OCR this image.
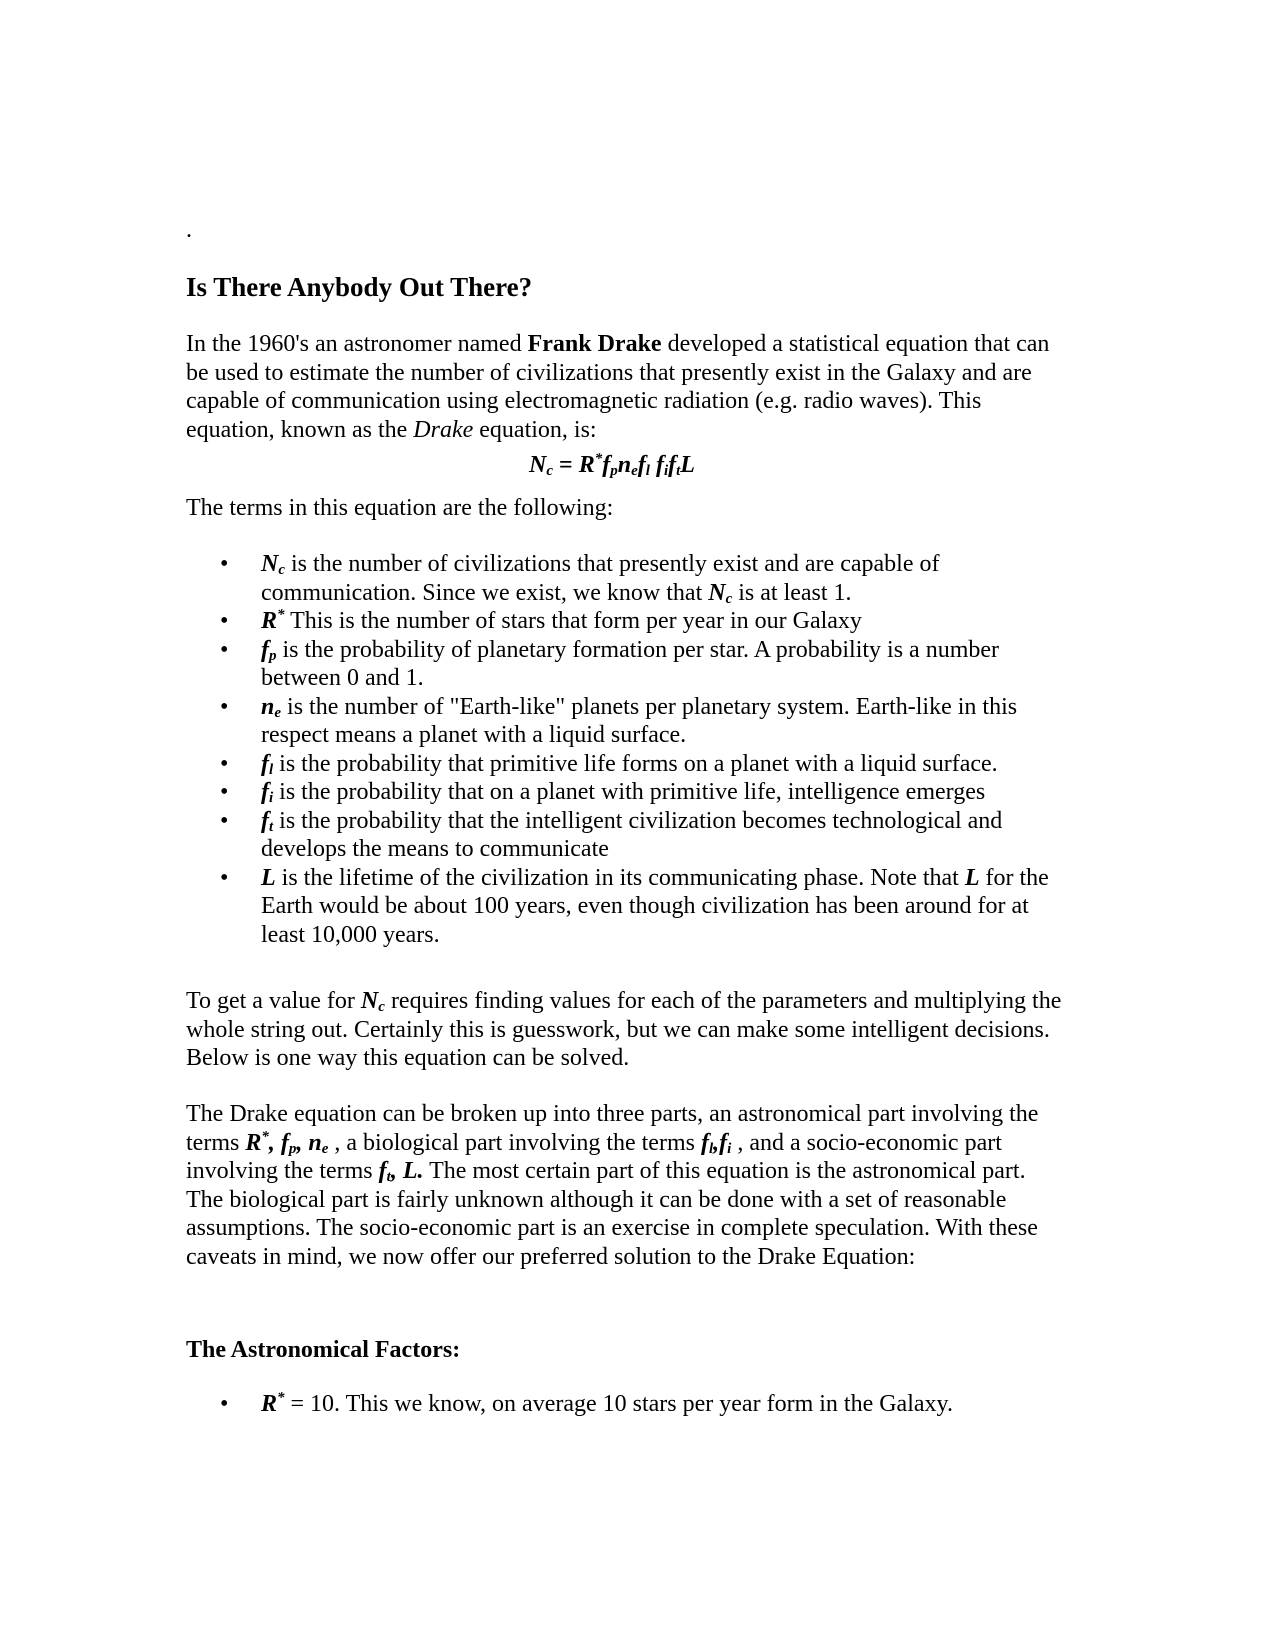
.
Is There Anybody Out There?

In the 1960's an astronomer named Frank Drake developed a statistical equation that can be used to estimate the number of civilizations that presently exist in the Galaxy and are capable of communication using electromagnetic radiation (e.g. radio waves). This equation, known as the Drake equation, is:

$N_c = R^*f_pn_ef_l$ $f_if_tL$

The terms in this equation are the following:

• $N_c$ is the number of civilizations that presently exist and are capable of communication. Since we exist, we know that $N_c$ is at least 1.
• R* This is the number of stars that form per year in our Galaxy
• $f_p$ is the probability of planetary formation per star. A probability is a number between 0 and 1.
• $n_e$ is the number of "Earth-like" planets per planetary system. Earth-like in this respect means a planet with a liquid surface.
• $f_l$ is the probability that primitive life forms on a planet with a liquid surface.
• $f_i$ is the probability that on a planet with primitive life, intelligence emerges
• $f_t$ is the probability that the intelligent civilization becomes technological and develops the means to communicate
• L is the lifetime of the civilization in its communicating phase. Note that L for the Earth would be about 100 years, even though civilization has been around for at least 10,000 years.

To get a value for $N_c$ requires finding values for each of the parameters and multiplying the whole string out. Certainly this is guesswork, but we can make some intelligent decisions. Below is one way this equation can be solved.

The Drake equation can be broken up into three parts, an astronomical part involving the terms R*, $f_p$, $n_e$ , a biological part involving the terms $f_l,f_i$ , and a socio-economic part involving the terms $f_t$, L. The most certain part of this equation is the astronomical part. The biological part is fairly unknown although it can be done with a set of reasonable assumptions. The socio-economic part is an exercise in complete speculation. With these caveats in mind, we now offer our preferred solution to the Drake Equation:

The Astronomical Factors:
• R* = 10. This we know, on average 10 stars per year form in the Galaxy.
